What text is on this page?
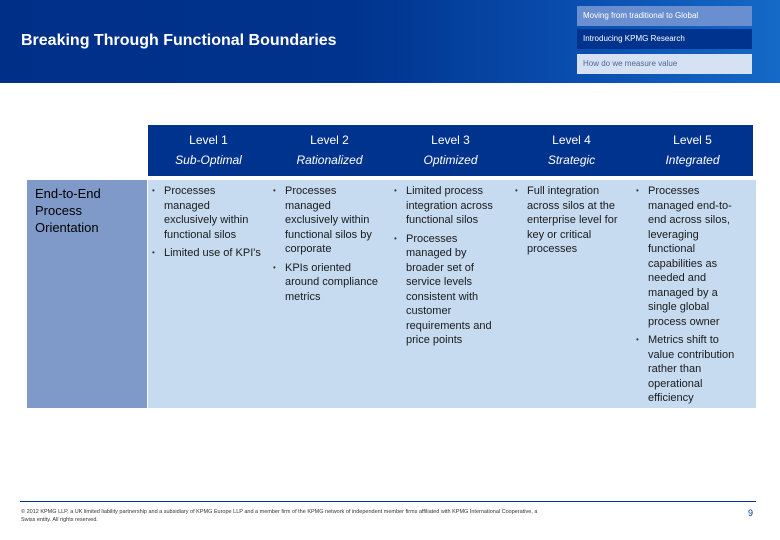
Breaking Through Functional Boundaries
Moving from traditional to Global
Introducing KPMG Research
How do we measure value
Level 1
Sub-Optimal
Level 2
Rationalized
Level 3
Optimized
Level 4
Strategic
Level 5
Integrated
End-to-End Process Orientation
• Processes managed exclusively within functional silos
• Limited use of KPI's
• Processes managed exclusively within functional silos by corporate
• KPIs oriented around compliance metrics
• Limited process integration across functional silos
• Processes managed by broader set of service levels consistent with customer requirements and price points
• Full integration across silos at the enterprise level for key or critical processes
• Processes managed end-to-end across silos, leveraging functional capabilities as needed and managed by a single global process owner
• Metrics shift to value contribution rather than operational efficiency
© 2012 KPMG LLP, a UK limited liability partnership and a subsidiary of KPMG Europe LLP and a member firm of the KPMG network of independent member firms affiliated with KPMG International Cooperative, a Swiss entity. All rights reserved.
9
